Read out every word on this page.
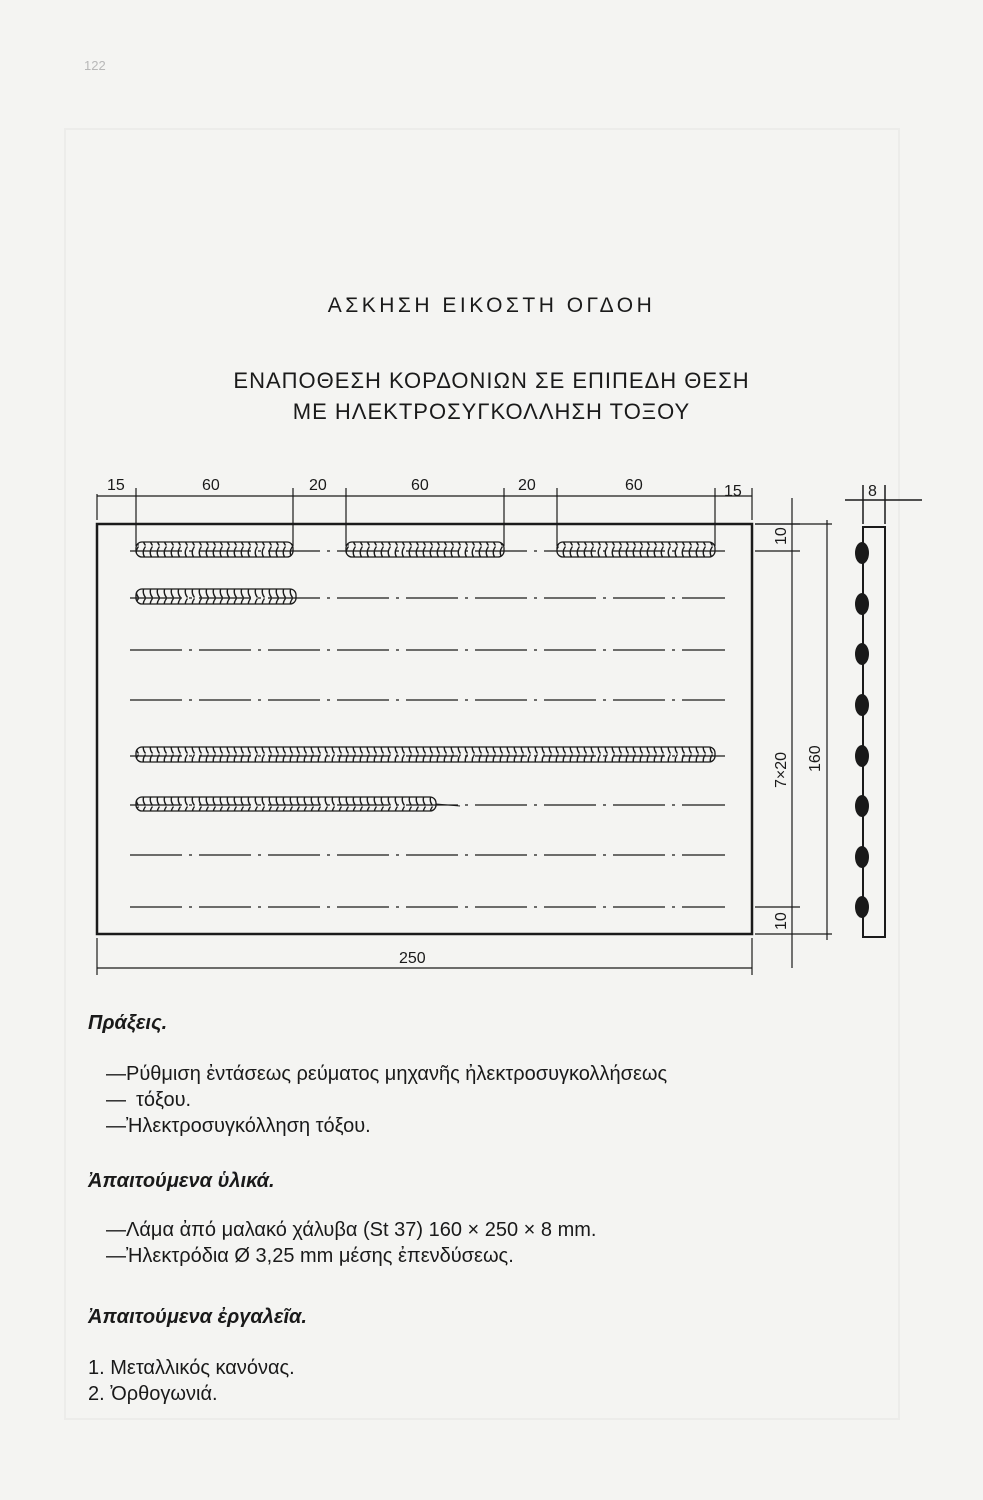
122
ΑΣΚΗΣΗ ΕΙΚΟΣΤΗ ΟΓΔΟΗ
ΕΝΑΠΟΘΕΣΗ ΚΟΡΔΟΝΙΩΝ ΣΕ ΕΠΙΠΕΔΗ ΘΕΣΗ
ΜΕ ΗΛΕΚΤΡΟΣΥΓΚΟΛΛΗΣΗ ΤΟΞΟΥ
15	60	20	60	20	60	15
10
7×20
10
160
250
8
Πράξεις.
— Ρύθμιση ἐντάσεως ρεύματος μηχανῆς ἠλεκτροσυγκολλήσεως
— τόξου.
— Ἠλεκτροσυγκόλληση τόξου.
Ἀπαιτούμενα ὑλικά.
— Λάμα ἀπό μαλακό χάλυβα (St 37) 160 × 250 × 8 mm.
— Ἠλεκτρόδια Ø 3,25 mm μέσης ἐπενδύσεως.
Ἀπαιτούμενα ἐργαλεῖα.
1. Μεταλλικός κανόνας.
2. Ὀρθογωνιά.
